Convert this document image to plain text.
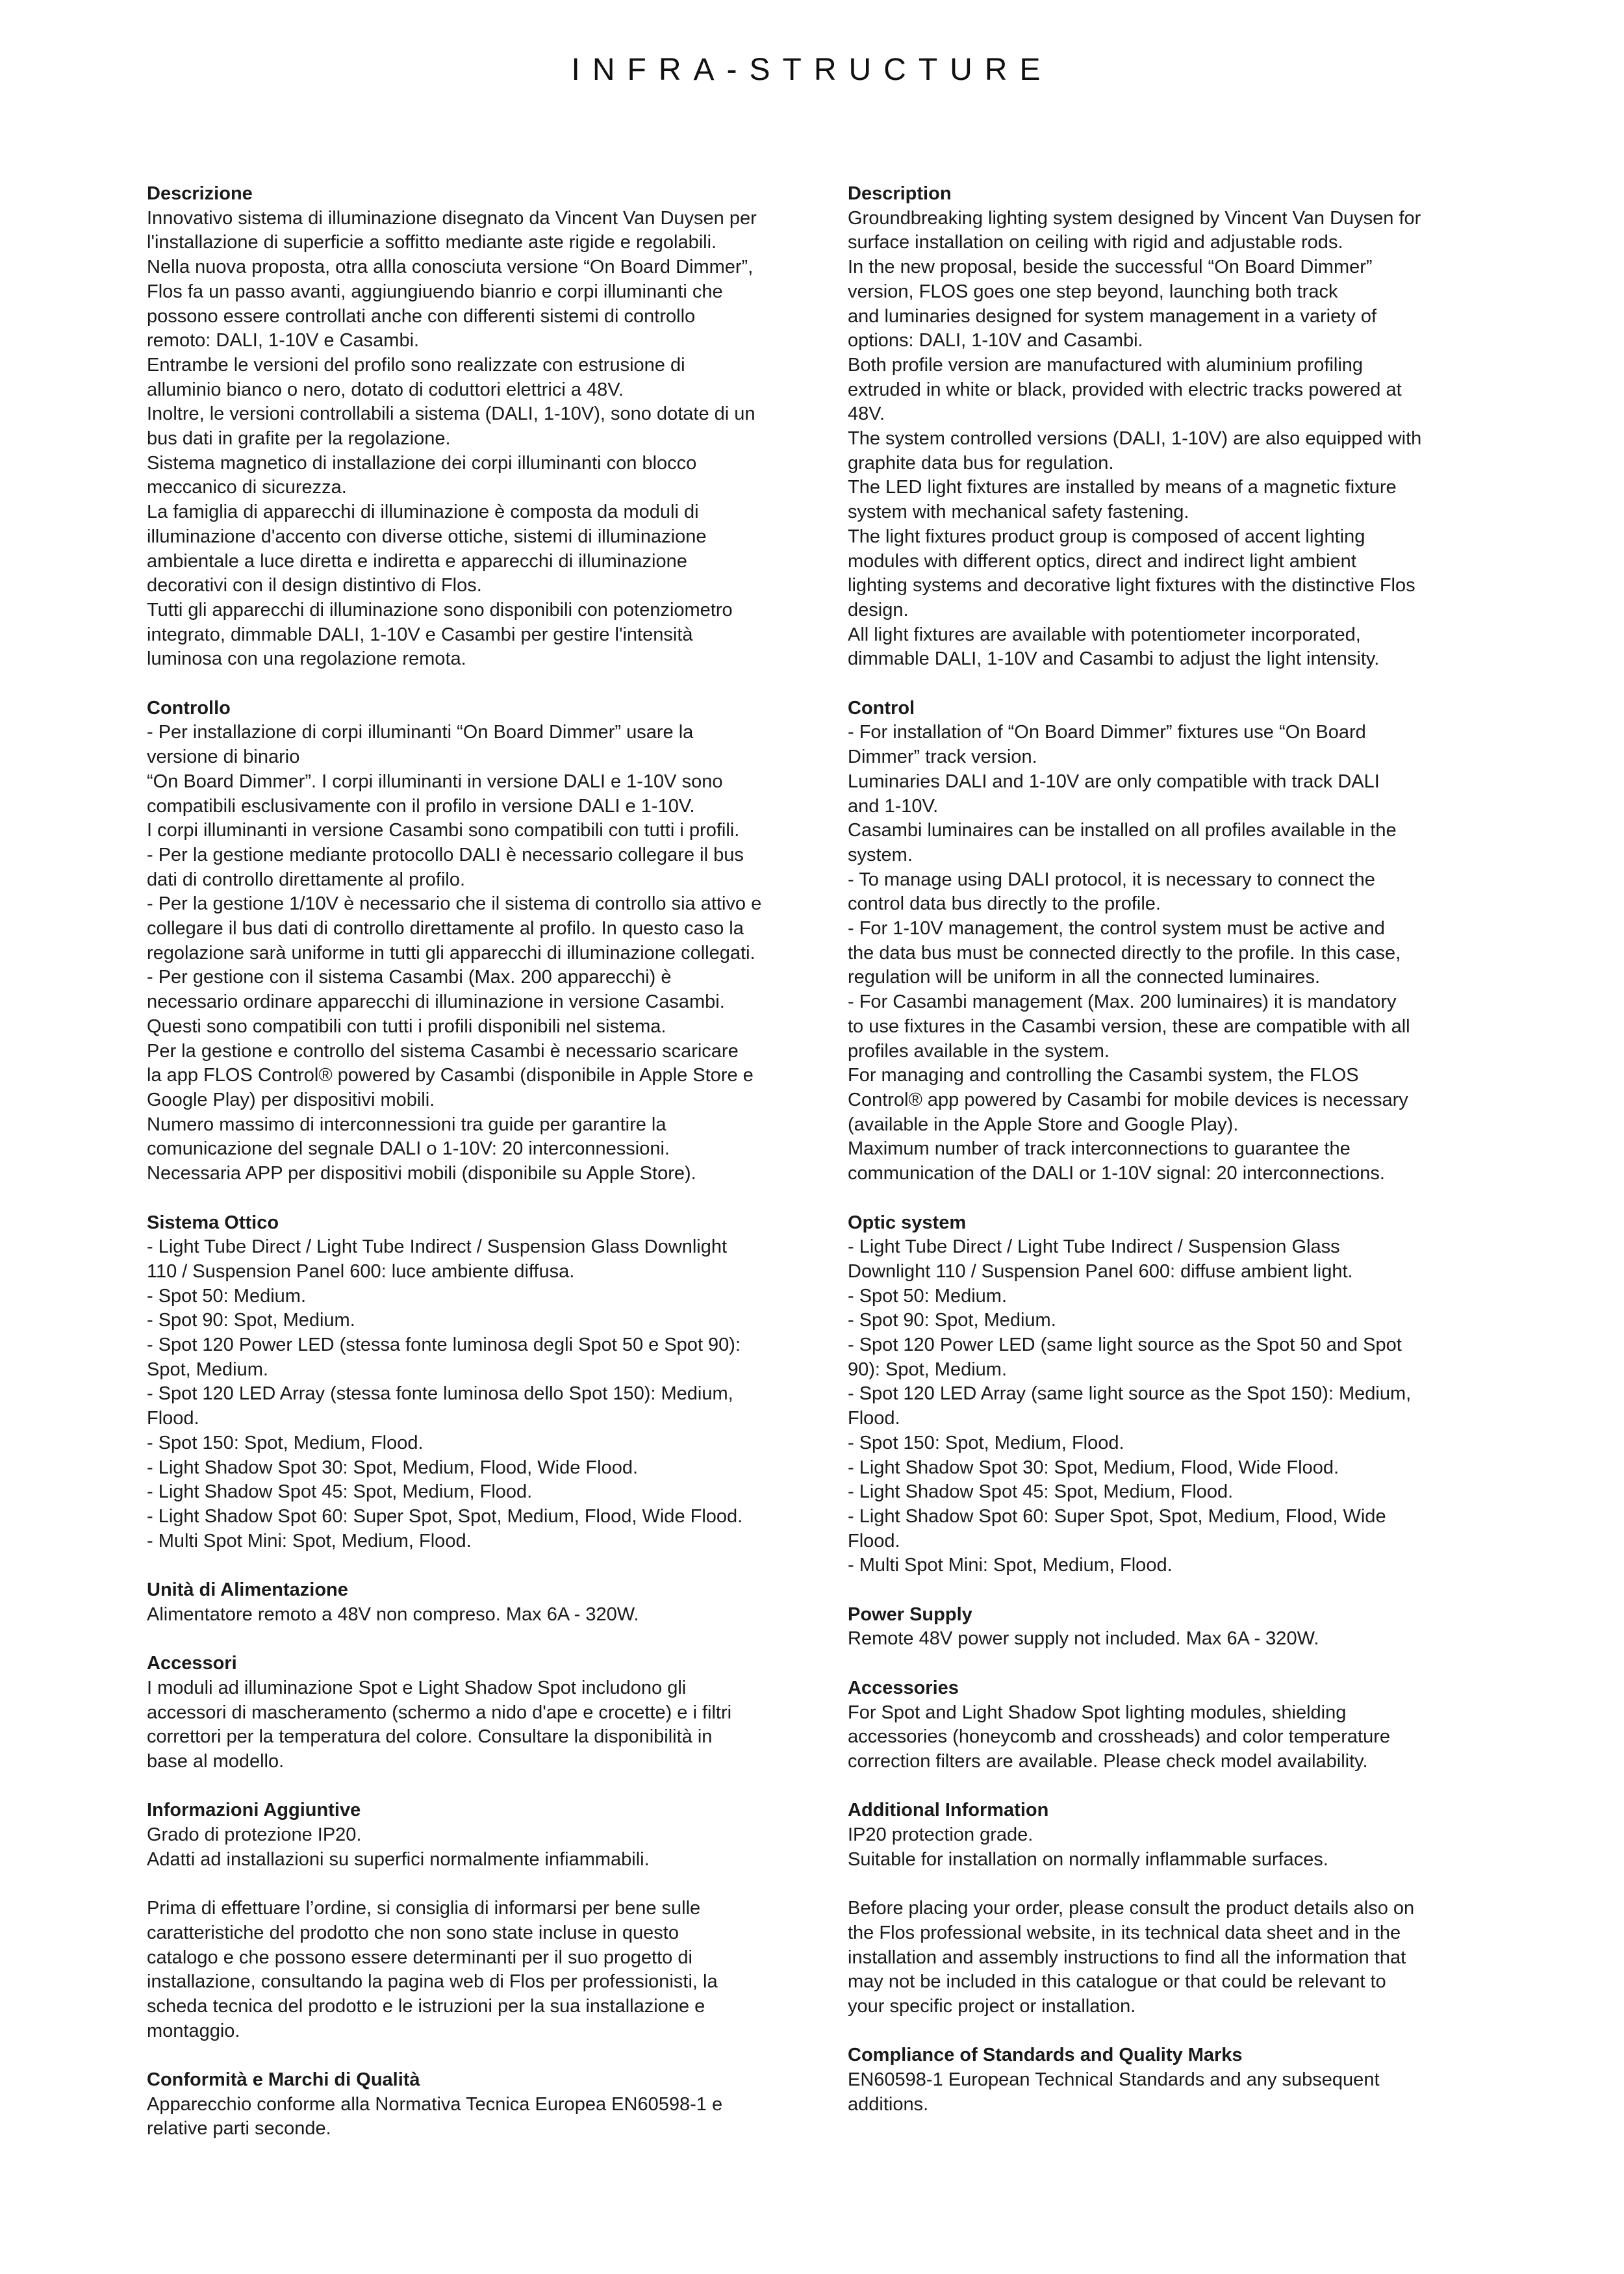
INFRA-STRUCTURE
Descrizione
Innovativo sistema di illuminazione disegnato da Vincent Van Duysen per
l'installazione di superficie a soffitto mediante aste rigide e regolabili.
Nella nuova proposta, otra allla conosciuta versione “On Board Dimmer”,
Flos fa un passo avanti, aggiungiuendo bianrio e corpi illuminanti che
possono essere controllati anche con differenti sistemi di controllo
remoto: DALI, 1-10V e Casambi.
Entrambe le versioni del profilo sono realizzate con estrusione di
alluminio bianco o nero, dotato di coduttori elettrici a 48V.
Inoltre, le versioni controllabili a sistema (DALI, 1-10V), sono dotate di un
bus dati in grafite per la regolazione.
Sistema magnetico di installazione dei corpi illuminanti con blocco
meccanico di sicurezza.
La famiglia di apparecchi di illuminazione è composta da moduli di
illuminazione d'accento con diverse ottiche, sistemi di illuminazione
ambientale a luce diretta e indiretta e apparecchi di illuminazione
decorativi con il design distintivo di Flos.
Tutti gli apparecchi di illuminazione sono disponibili con potenziometro
integrato, dimmable DALI, 1-10V e Casambi per gestire l'intensità
luminosa con una regolazione remota.
Controllo
- Per installazione di corpi illuminanti “On Board Dimmer” usare la
versione di binario
“On Board Dimmer”. I corpi illuminanti in versione DALI e 1-10V sono
compatibili esclusivamente con il profilo in versione DALI e 1-10V.
I corpi illuminanti in versione Casambi sono compatibili con tutti i profili.
- Per la gestione mediante protocollo DALI è necessario collegare il bus
dati di controllo direttamente al profilo.
- Per la gestione 1/10V è necessario che il sistema di controllo sia attivo e
collegare il bus dati di controllo direttamente al profilo. In questo caso la
regolazione sarà uniforme in tutti gli apparecchi di illuminazione collegati.
- Per gestione con il sistema Casambi (Max. 200 apparecchi) è
necessario ordinare apparecchi di illuminazione in versione Casambi.
Questi sono compatibili con tutti i profili disponibili nel sistema.
Per la gestione e controllo del sistema Casambi è necessario scaricare
la app FLOS Control® powered by Casambi (disponibile in Apple Store e
Google Play) per dispositivi mobili.
Numero massimo di interconnessioni tra guide per garantire la
comunicazione del segnale DALI o 1-10V: 20 interconnessioni.
Necessaria APP per dispositivi mobili (disponibile su Apple Store).
Sistema Ottico
- Light Tube Direct / Light Tube Indirect / Suspension Glass Downlight
110 / Suspension Panel 600: luce ambiente diffusa.
- Spot 50: Medium.
- Spot 90: Spot, Medium.
- Spot 120 Power LED (stessa fonte luminosa degli Spot 50 e Spot 90):
Spot, Medium.
- Spot 120 LED Array (stessa fonte luminosa dello Spot 150): Medium,
Flood.
- Spot 150: Spot, Medium, Flood.
- Light Shadow Spot 30: Spot, Medium, Flood, Wide Flood.
- Light Shadow Spot 45: Spot, Medium, Flood.
- Light Shadow Spot 60: Super Spot, Spot, Medium, Flood, Wide Flood.
- Multi Spot Mini: Spot, Medium, Flood.
Unità di Alimentazione
Alimentatore remoto a 48V non compreso. Max 6A - 320W.
Accessori
I moduli ad illuminazione Spot e Light Shadow Spot includono gli
accessori di mascheramento (schermo a nido d'ape e crocette) e i filtri
correttori per la temperatura del colore. Consultare la disponibilità in
base al modello.
Informazioni Aggiuntive
Grado di protezione IP20.
Adatti ad installazioni su superfici normalmente infiammabili.
Prima di effettuare l’ordine, si consiglia di informarsi per bene sulle
caratteristiche del prodotto che non sono state incluse in questo
catalogo e che possono essere determinanti per il suo progetto di
installazione, consultando la pagina web di Flos per professionisti, la
scheda tecnica del prodotto e le istruzioni per la sua installazione e
montaggio.
Conformità e Marchi di Qualità
Apparecchio conforme alla Normativa Tecnica Europea EN60598-1 e
relative parti seconde.
Description
Groundbreaking lighting system designed by Vincent Van Duysen for
surface installation on ceiling with rigid and adjustable rods.
In the new proposal, beside the successful “On Board Dimmer”
version, FLOS goes one step beyond, launching both track
and luminaries designed for system management in a variety of
options: DALI, 1-10V and Casambi.
Both profile version are manufactured with aluminium profiling
extruded in white or black, provided with electric tracks powered at
48V.
The system controlled versions (DALI, 1-10V) are also equipped with
graphite data bus for regulation.
The LED light fixtures are installed by means of a magnetic fixture
system with mechanical safety fastening.
The light fixtures product group is composed of accent lighting
modules with different optics, direct and indirect light ambient
lighting systems and decorative light fixtures with the distinctive Flos
design.
All light fixtures are available with potentiometer incorporated,
dimmable DALI, 1-10V and Casambi to adjust the light intensity.
Control
- For installation of “On Board Dimmer” fixtures use “On Board
Dimmer” track version.
Luminaries DALI and 1-10V are only compatible with track DALI
and 1-10V.
Casambi luminaires can be installed on all profiles available in the
system.
- To manage using DALI protocol, it is necessary to connect the
control data bus directly to the profile.
- For 1-10V management, the control system must be active and
the data bus must be connected directly to the profile. In this case,
regulation will be uniform in all the connected luminaires.
- For Casambi management (Max. 200 luminaires) it is mandatory
to use fixtures in the Casambi version, these are compatible with all
profiles available in the system.
For managing and controlling the Casambi system, the FLOS
Control® app powered by Casambi for mobile devices is necessary
(available in the Apple Store and Google Play).
Maximum number of track interconnections to guarantee the
communication of the DALI or 1-10V signal: 20 interconnections.
Optic system
- Light Tube Direct / Light Tube Indirect / Suspension Glass
Downlight 110 / Suspension Panel 600: diffuse ambient light.
- Spot 50: Medium.
- Spot 90: Spot, Medium.
- Spot 120 Power LED (same light source as the Spot 50 and Spot
90): Spot, Medium.
- Spot 120 LED Array (same light source as the Spot 150): Medium,
Flood.
- Spot 150: Spot, Medium, Flood.
- Light Shadow Spot 30: Spot, Medium, Flood, Wide Flood.
- Light Shadow Spot 45: Spot, Medium, Flood.
- Light Shadow Spot 60: Super Spot, Spot, Medium, Flood, Wide
Flood.
- Multi Spot Mini: Spot, Medium, Flood.
Power Supply
Remote 48V power supply not included. Max 6A - 320W.
Accessories
For Spot and Light Shadow Spot lighting modules, shielding
accessories (honeycomb and crossheads) and color temperature
correction filters are available. Please check model availability.
Additional Information
IP20 protection grade.
Suitable for installation on normally inflammable surfaces.
Before placing your order, please consult the product details also on
the Flos professional website, in its technical data sheet and in the
installation and assembly instructions to find all the information that
may not be included in this catalogue or that could be relevant to
your specific project or installation.
Compliance of Standards and Quality Marks
EN60598-1 European Technical Standards and any subsequent
additions.
